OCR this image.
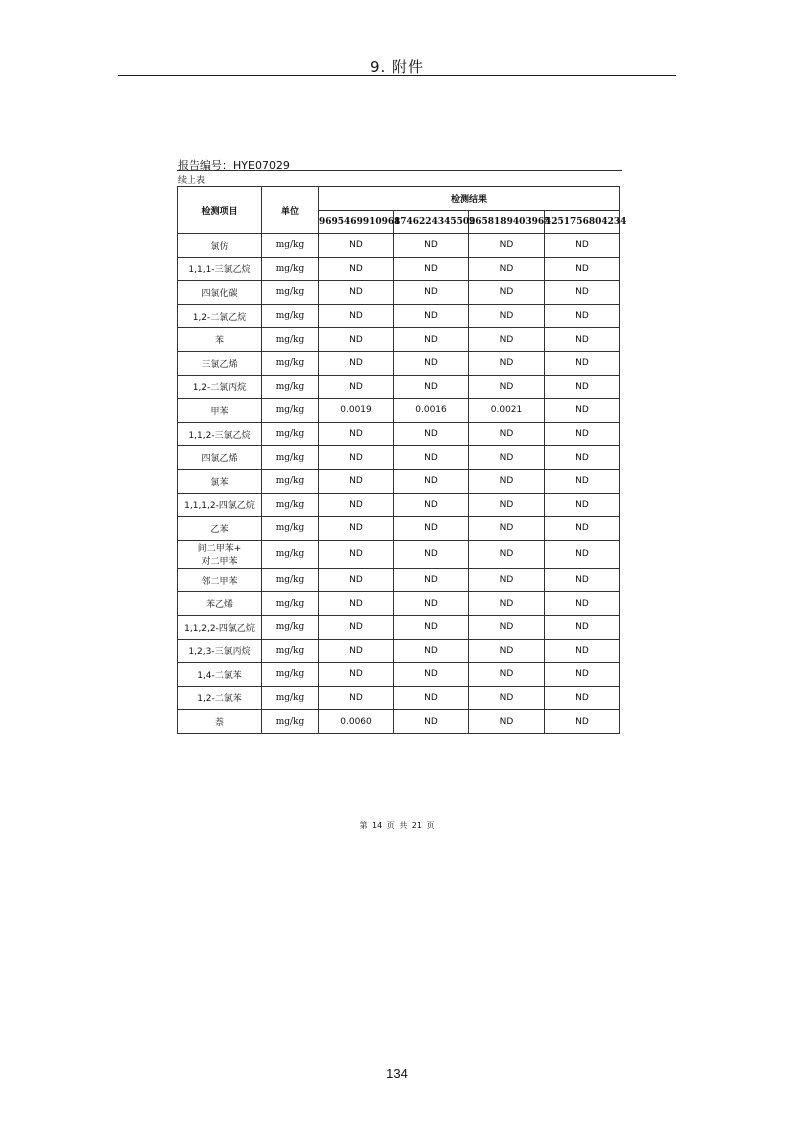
9. 附件
报告编号：HYE07029
续上表
检测项目	单位	检测结果			
		9695469910961	8746224345509	2658189403965	4251756804234

氯仿	mg/kg	ND	ND	ND	ND

1,1,1-三氯乙烷	mg/kg	ND	ND	ND	ND

四氯化碳	mg/kg	ND	ND	ND	ND

1,2-二氯乙烷	mg/kg	ND	ND	ND	ND

苯	mg/kg	ND	ND	ND	ND

三氯乙烯	mg/kg	ND	ND	ND	ND

1,2-二氯丙烷	mg/kg	ND	ND	ND	ND

甲苯	mg/kg	0.0019	0.0016	0.0021	ND

1,1,2-三氯乙烷	mg/kg	ND	ND	ND	ND

四氯乙烯	mg/kg	ND	ND	ND	ND

氯苯	mg/kg	ND	ND	ND	ND

1,1,1,2-四氯乙烷	mg/kg	ND	ND	ND	ND

乙苯	mg/kg	ND	ND	ND	ND

间二甲苯+
对二甲苯	mg/kg	ND	ND	ND	ND

邻二甲苯	mg/kg	ND	ND	ND	ND

苯乙烯	mg/kg	ND	ND	ND	ND

1,1,2,2-四氯乙烷	mg/kg	ND	ND	ND	ND

1,2,3-三氯丙烷	mg/kg	ND	ND	ND	ND

1,4-二氯苯	mg/kg	ND	ND	ND	ND

1,2-二氯苯	mg/kg	ND	ND	ND	ND

萘	mg/kg	0.0060	ND	ND	ND
第 14 页 共 21 页
134
